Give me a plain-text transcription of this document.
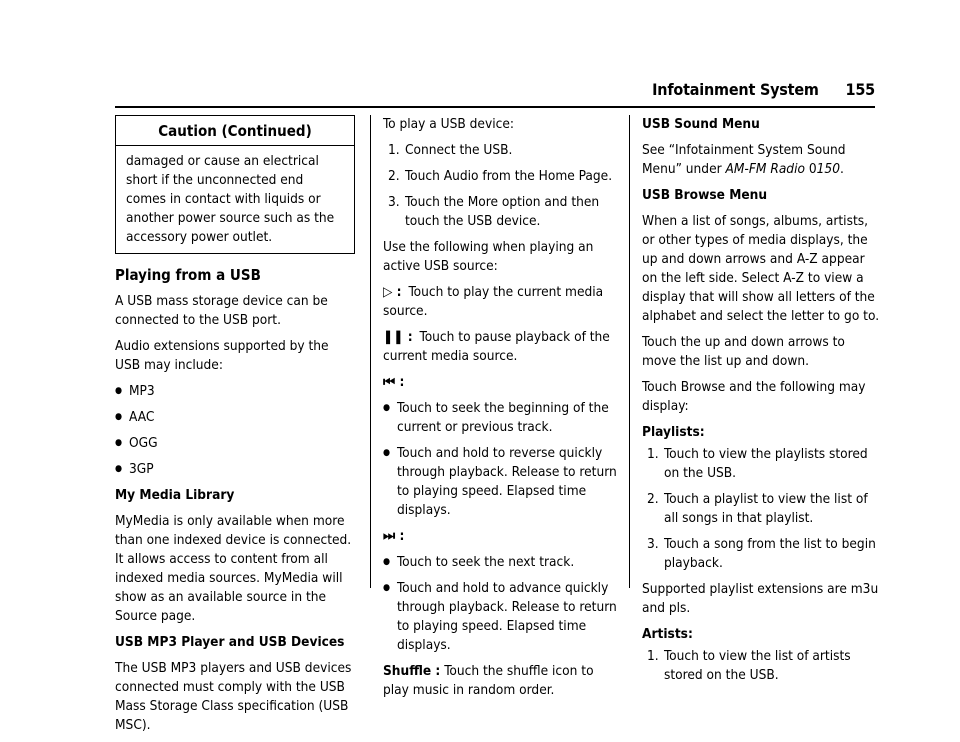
Infotainment System 155
Caution (Continued)
damaged or cause an electrical short if the unconnected end comes in contact with liquids or another power source such as the accessory power outlet.
Playing from a USB

A USB mass storage device can be connected to the USB port.

Audio extensions supported by the USB may include:

● MP3
● AAC
● OGG
● 3GP

My Media Library

MyMedia is only available when more than one indexed device is connected. It allows access to content from all indexed media sources. MyMedia will show as an available source in the Source page.

USB MP3 Player and USB Devices

The USB MP3 players and USB devices connected must comply with the USB Mass Storage Class specification (USB MSC).

To play a USB device:

1. Connect the USB.
2. Touch Audio from the Home Page.
3. Touch the More option and then touch the USB device.

Use the following when playing an active USB source:

▷ : Touch to play the current media source.

❚❚ : Touch to pause playback of the current media source.

⏮ :

● Touch to seek the beginning of the current or previous track.
● Touch and hold to reverse quickly through playback. Release to return to playing speed. Elapsed time displays.

⏭ :

● Touch to seek the next track.
● Touch and hold to advance quickly through playback. Release to return to playing speed. Elapsed time displays.

Shuffle : Touch the shuffle icon to play music in random order.

USB Sound Menu

See “Infotainment System Sound Menu” under AM-FM Radio 0150.

USB Browse Menu

When a list of songs, albums, artists, or other types of media displays, the up and down arrows and A-Z appear on the left side. Select A-Z to view a display that will show all letters of the alphabet and select the letter to go to.

Touch the up and down arrows to move the list up and down.

Touch Browse and the following may display:

Playlists:

1. Touch to view the playlists stored on the USB.
2. Touch a playlist to view the list of all songs in that playlist.
3. Touch a song from the list to begin playback.

Supported playlist extensions are m3u and pls.

Artists:

1. Touch to view the list of artists stored on the USB.
